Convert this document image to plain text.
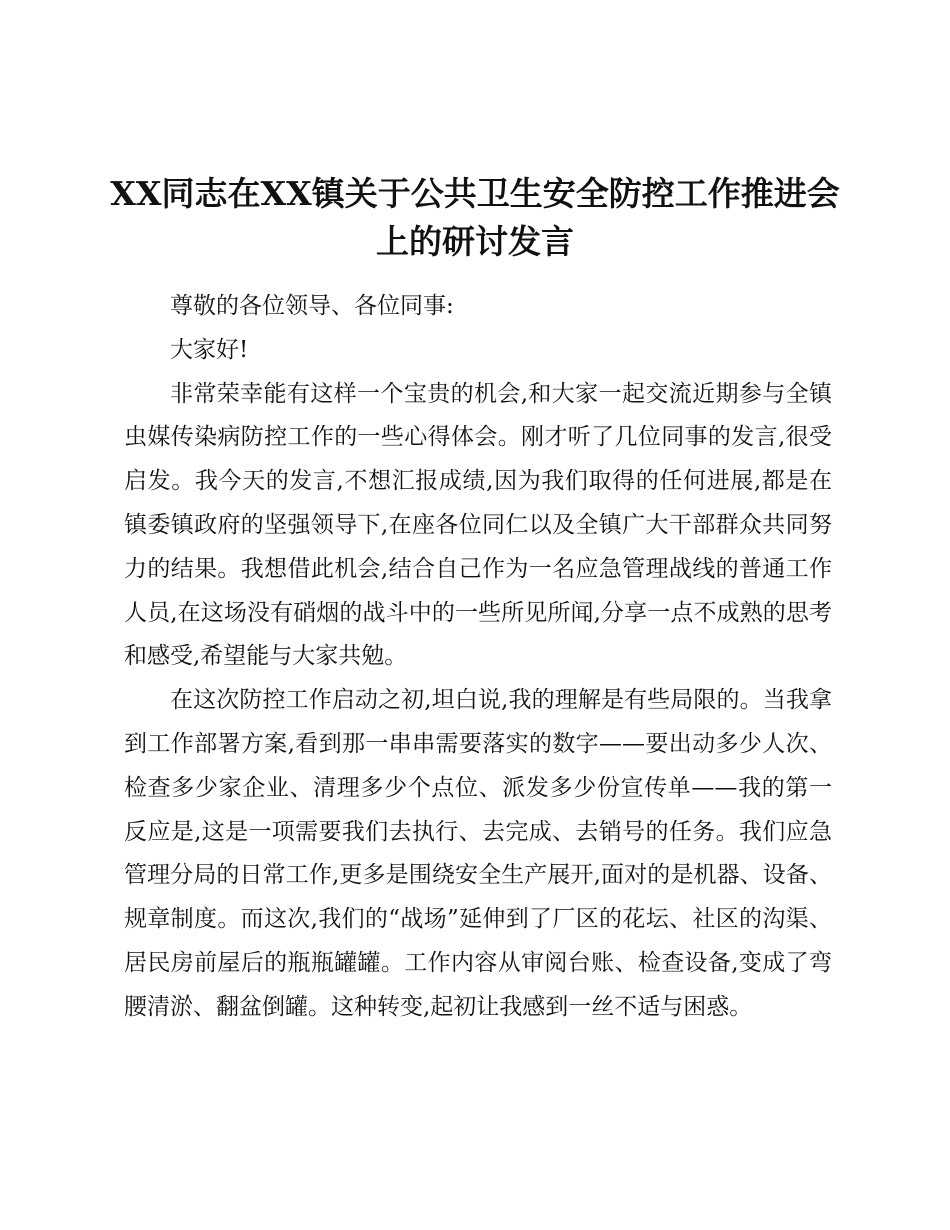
XX同志在XX镇关于公共卫生安全防控工作推进会上的研讨发言

尊敬的各位领导、各位同事:

大家好!

非常荣幸能有这样一个宝贵的机会,和大家一起交流近期参与全镇虫媒传染病防控工作的一些心得体会。刚才听了几位同事的发言,很受启发。我今天的发言,不想汇报成绩,因为我们取得的任何进展,都是在镇委镇政府的坚强领导下,在座各位同仁以及全镇广大干部群众共同努力的结果。我想借此机会,结合自己作为一名应急管理战线的普通工作人员,在这场没有硝烟的战斗中的一些所见所闻,分享一点不成熟的思考和感受,希望能与大家共勉。

在这次防控工作启动之初,坦白说,我的理解是有些局限的。当我拿到工作部署方案,看到那一串串需要落实的数字——要出动多少人次、检查多少家企业、清理多少个点位、派发多少份宣传单——我的第一反应是,这是一项需要我们去执行、去完成、去销号的任务。我们应急管理分局的日常工作,更多是围绕安全生产展开,面对的是机器、设备、规章制度。而这次,我们的“战场”延伸到了厂区的花坛、社区的沟渠、居民房前屋后的瓶瓶罐罐。工作内容从审阅台账、检查设备,变成了弯腰清淤、翻盆倒罐。这种转变,起初让我感到一丝不适与困惑。
